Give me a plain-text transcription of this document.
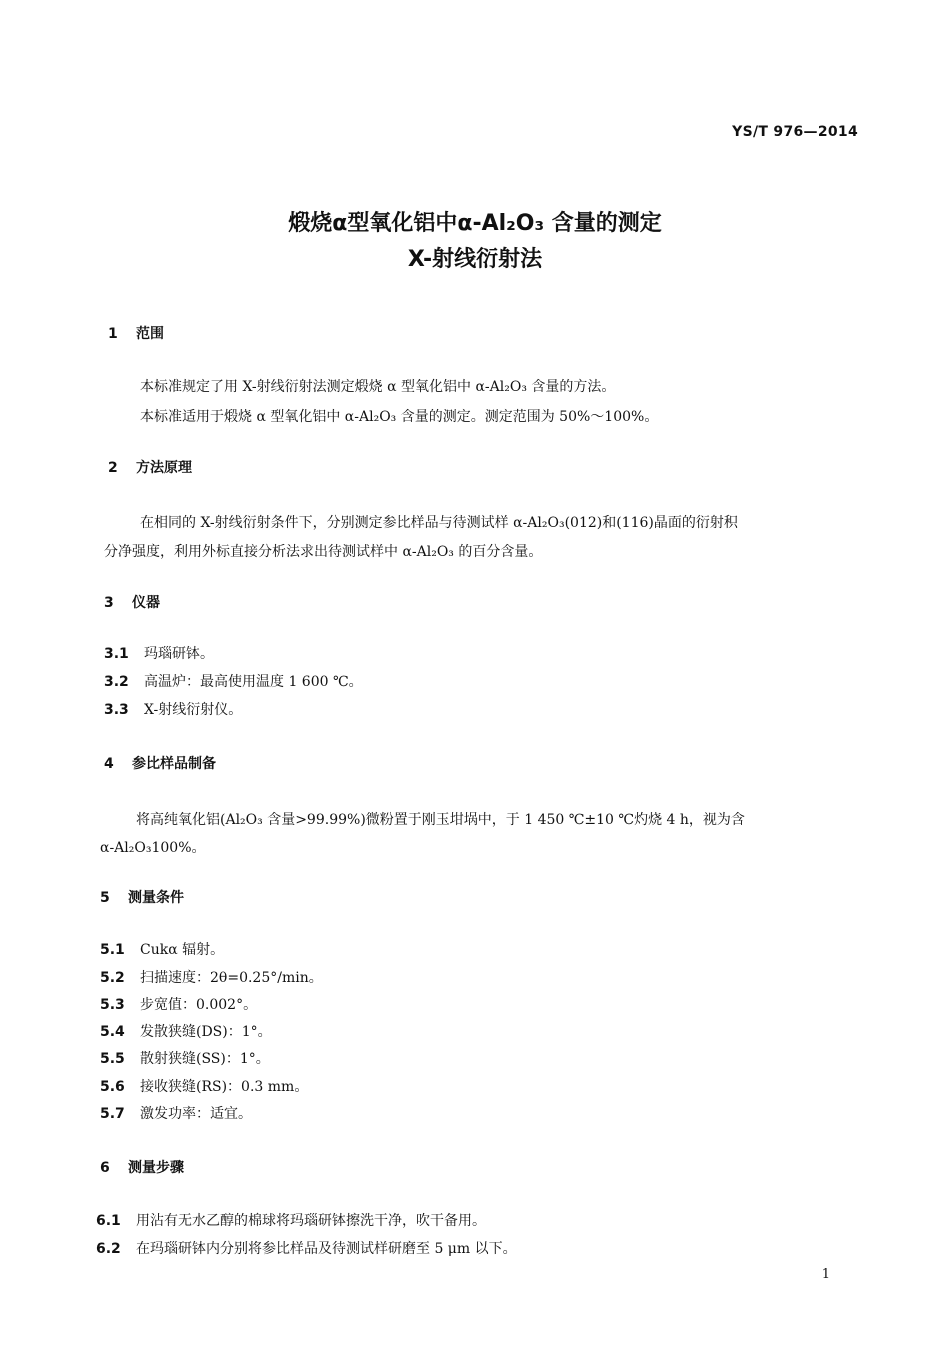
YS/T 976—2014
煅烧α型氧化铝中α-Al₂O₃ 含量的测定
X-射线衍射法
1 范围
本标准规定了用 X-射线衍射法测定煅烧 α 型氧化铝中 α-Al₂O₃ 含量的方法。
本标准适用于煅烧 α 型氧化铝中 α-Al₂O₃ 含量的测定。测定范围为 50%～100%。
2 方法原理
在相同的 X-射线衍射条件下，分别测定参比样品与待测试样 α-Al₂O₃(012)和(116)晶面的衍射积
分净强度，利用外标直接分析法求出待测试样中 α-Al₂O₃ 的百分含量。
3 仪器
3.1 玛瑙研钵。
3.2 高温炉：最高使用温度 1 600 ℃。
3.3 X-射线衍射仪。
4 参比样品制备
将高纯氧化铝(Al₂O₃ 含量>99.99%)微粉置于刚玉坩埚中，于 1 450 ℃±10 ℃灼烧 4 h，视为含
α-Al₂O₃100%。
5 测量条件
5.1 Cukα 辐射。
5.2 扫描速度：2θ=0.25°/min。
5.3 步宽值：0.002°。
5.4 发散狭缝(DS)：1°。
5.5 散射狭缝(SS)：1°。
5.6 接收狭缝(RS)：0.3 mm。
5.7 激发功率：适宜。
6 测量步骤
6.1 用沾有无水乙醇的棉球将玛瑙研钵擦洗干净，吹干备用。
6.2 在玛瑙研钵内分别将参比样品及待测试样研磨至 5 μm 以下。
1
